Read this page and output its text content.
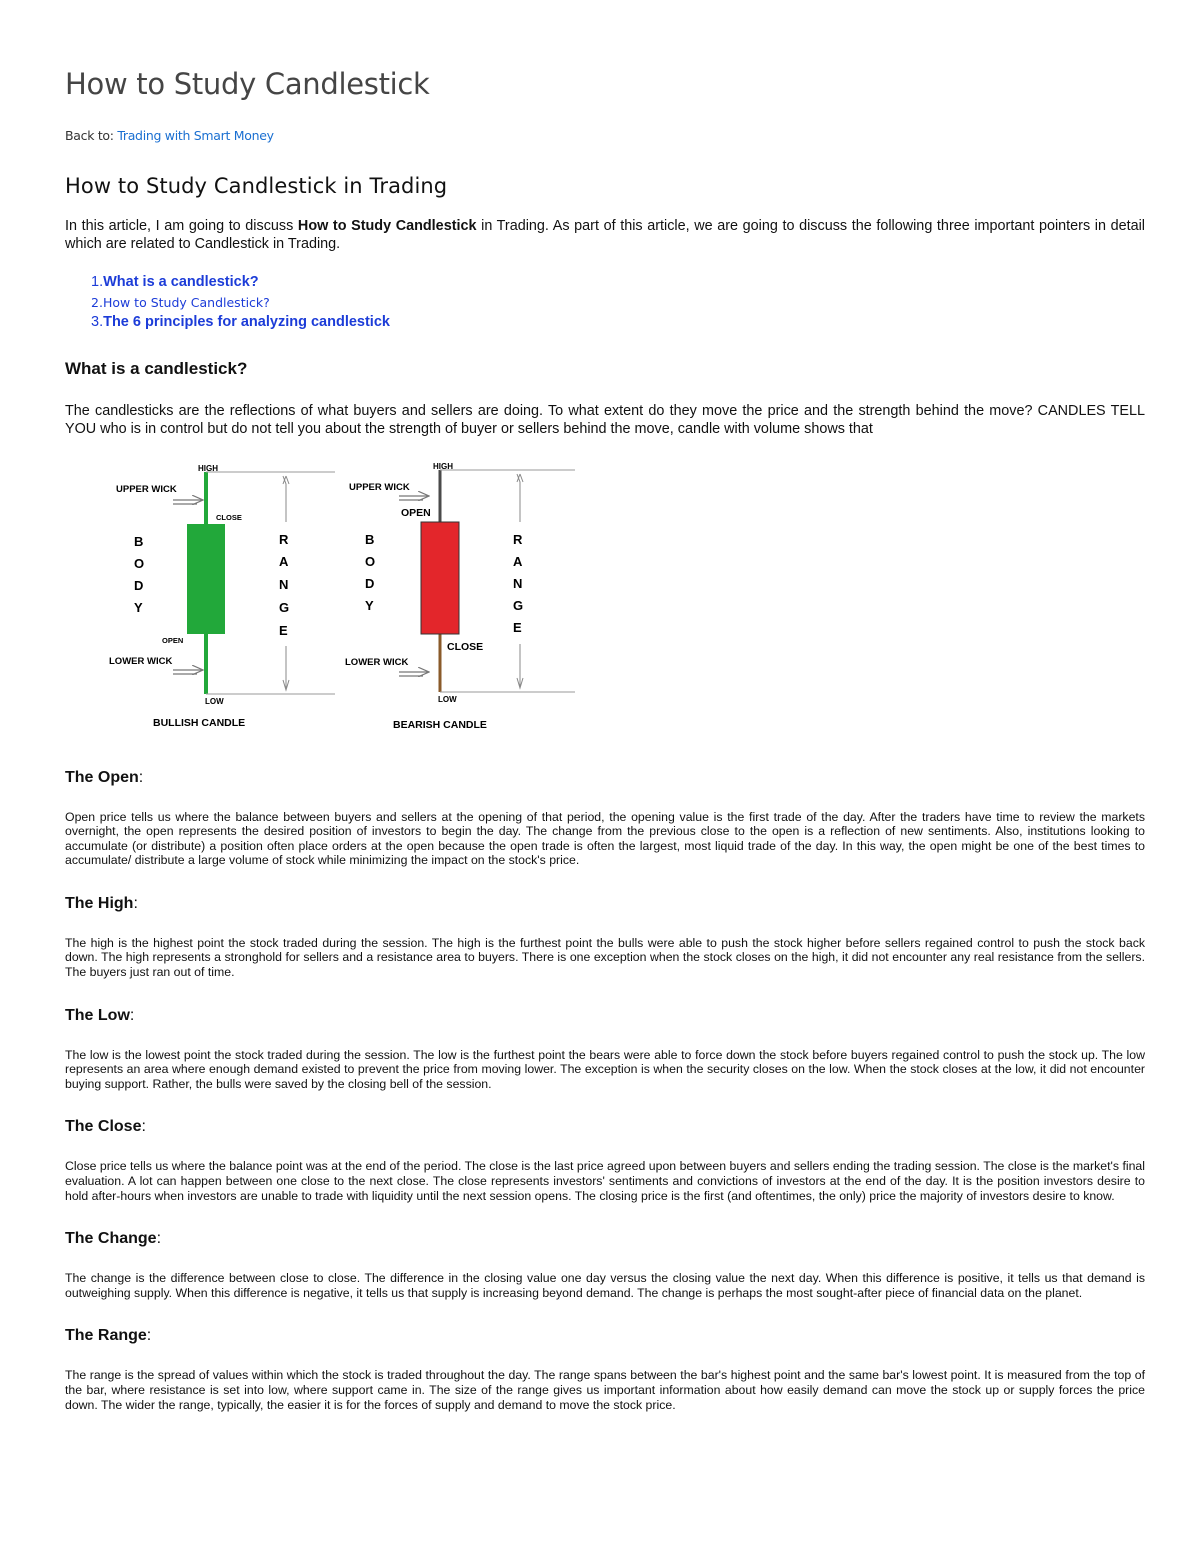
How to Study Candlestick
Back to: Trading with Smart Money
How to Study Candlestick in Trading

In this article, I am going to discuss How to Study Candlestick in Trading. As part of this article, we are going to discuss the following three important pointers in detail which are related to Candlestick in Trading.

1.What is a candlestick?
2.How to Study Candlestick?
3.The 6 principles for analyzing candlestick
What is a candlestick?

The candlesticks are the reflections of what buyers and sellers are doing. To what extent do they move the price and the strength behind the move? CANDLES TELL YOU who is in control but do not tell you about the strength of buyer or sellers behind the move, candle with volume shows that

HIGH
LOW
UPPER WICK
CLOSE
OPEN
LOWER WICK
B
O
D
Y
R
A
N
G
E
BULLISH CANDLE
HIGH
LOW
UPPER WICK
OPEN
CLOSE
LOWER WICK
B
O
D
Y
R
A
N
G
E
BEARISH CANDLE
The Open:

Open price tells us where the balance between buyers and sellers at the opening of that period, the opening value is the first trade of the day. After the traders have time to review the markets overnight, the open represents the desired position of investors to begin the day. The change from the previous close to the open is a reflection of new sentiments. Also, institutions looking to accumulate (or distribute) a position often place orders at the open because the open trade is often the largest, most liquid trade of the day. In this way, the open might be one of the best times to accumulate/ distribute a large volume of stock while minimizing the impact on the stock's price.

The High:

The high is the highest point the stock traded during the session. The high is the furthest point the bulls were able to push the stock higher before sellers regained control to push the stock back down. The high represents a stronghold for sellers and a resistance area to buyers. There is one exception when the stock closes on the high, it did not encounter any real resistance from the sellers. The buyers just ran out of time.

The Low:

The low is the lowest point the stock traded during the session. The low is the furthest point the bears were able to force down the stock before buyers regained control to push the stock up. The low represents an area where enough demand existed to prevent the price from moving lower. The exception is when the security closes on the low. When the stock closes at the low, it did not encounter buying support. Rather, the bulls were saved by the closing bell of the session.

The Close:

Close price tells us where the balance point was at the end of the period. The close is the last price agreed upon between buyers and sellers ending the trading session. The close is the market's final evaluation. A lot can happen between one close to the next close. The close represents investors' sentiments and convictions of investors at the end of the day. It is the position investors desire to hold after-hours when investors are unable to trade with liquidity until the next session opens. The closing price is the first (and oftentimes, the only) price the majority of investors desire to know.

The Change:

The change is the difference between close to close. The difference in the closing value one day versus the closing value the next day. When this difference is positive, it tells us that demand is outweighing supply. When this difference is negative, it tells us that supply is increasing beyond demand. The change is perhaps the most sought-after piece of financial data on the planet.

The Range:

The range is the spread of values within which the stock is traded throughout the day. The range spans between the bar's highest point and the same bar's lowest point. It is measured from the top of the bar, where resistance is set into low, where support came in. The size of the range gives us important information about how easily demand can move the stock up or supply forces the price down. The wider the range, typically, the easier it is for the forces of supply and demand to move the stock price.
